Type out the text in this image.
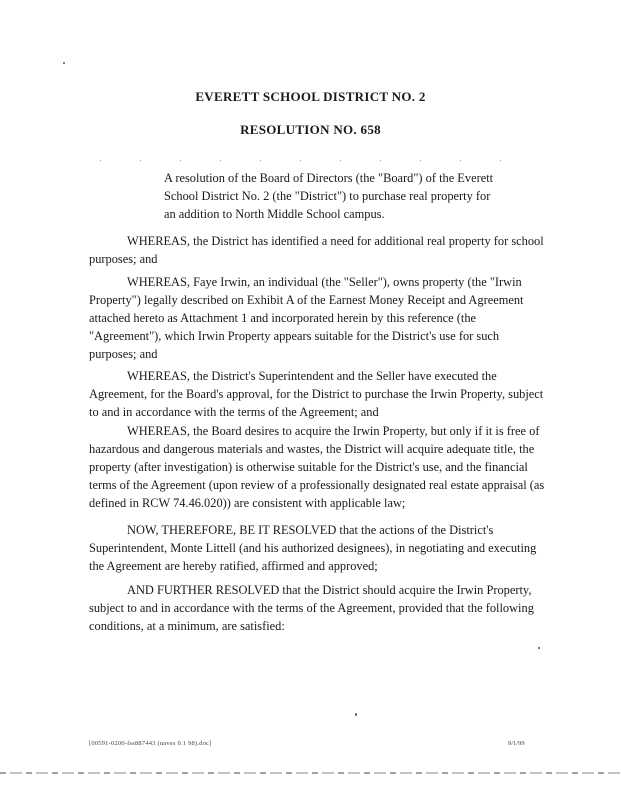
EVERETT SCHOOL DISTRICT NO. 2
RESOLUTION NO. 658
A resolution of the Board of Directors (the "Board") of the Everett School District No. 2 (the "District") to purchase real property for an addition to North Middle School campus.
WHEREAS, the District has identified a need for additional real property for school purposes; and
WHEREAS, Faye Irwin, an individual (the "Seller"), owns property (the "Irwin Property") legally described on Exhibit A of the Earnest Money Receipt and Agreement attached hereto as Attachment 1 and incorporated herein by this reference (the "Agreement"), which Irwin Property appears suitable for the District's use for such purposes; and
WHEREAS, the District's Superintendent and the Seller have executed the Agreement, for the Board's approval, for the District to purchase the Irwin Property, subject to and in accordance with the terms of the Agreement; and
WHEREAS, the Board desires to acquire the Irwin Property, but only if it is free of hazardous and dangerous materials and wastes, the District will acquire adequate title, the property (after investigation) is otherwise suitable for the District's use, and the financial terms of the Agreement (upon review of a professionally designated real estate appraisal (as defined in RCW 74.46.020)) are consistent with applicable law;
NOW, THEREFORE, BE IT RESOLVED that the actions of the District's Superintendent, Monte Littell (and his authorized designees), in negotiating and executing the Agreement are hereby ratified, affirmed and approved;
AND FURTHER RESOLVED that the District should acquire the Irwin Property, subject to and in accordance with the terms of the Agreement, provided that the following conditions, at a minimum, are satisfied:
[00591-0200-fss887443 (naves 0.1 98).doc]	9/1/99
